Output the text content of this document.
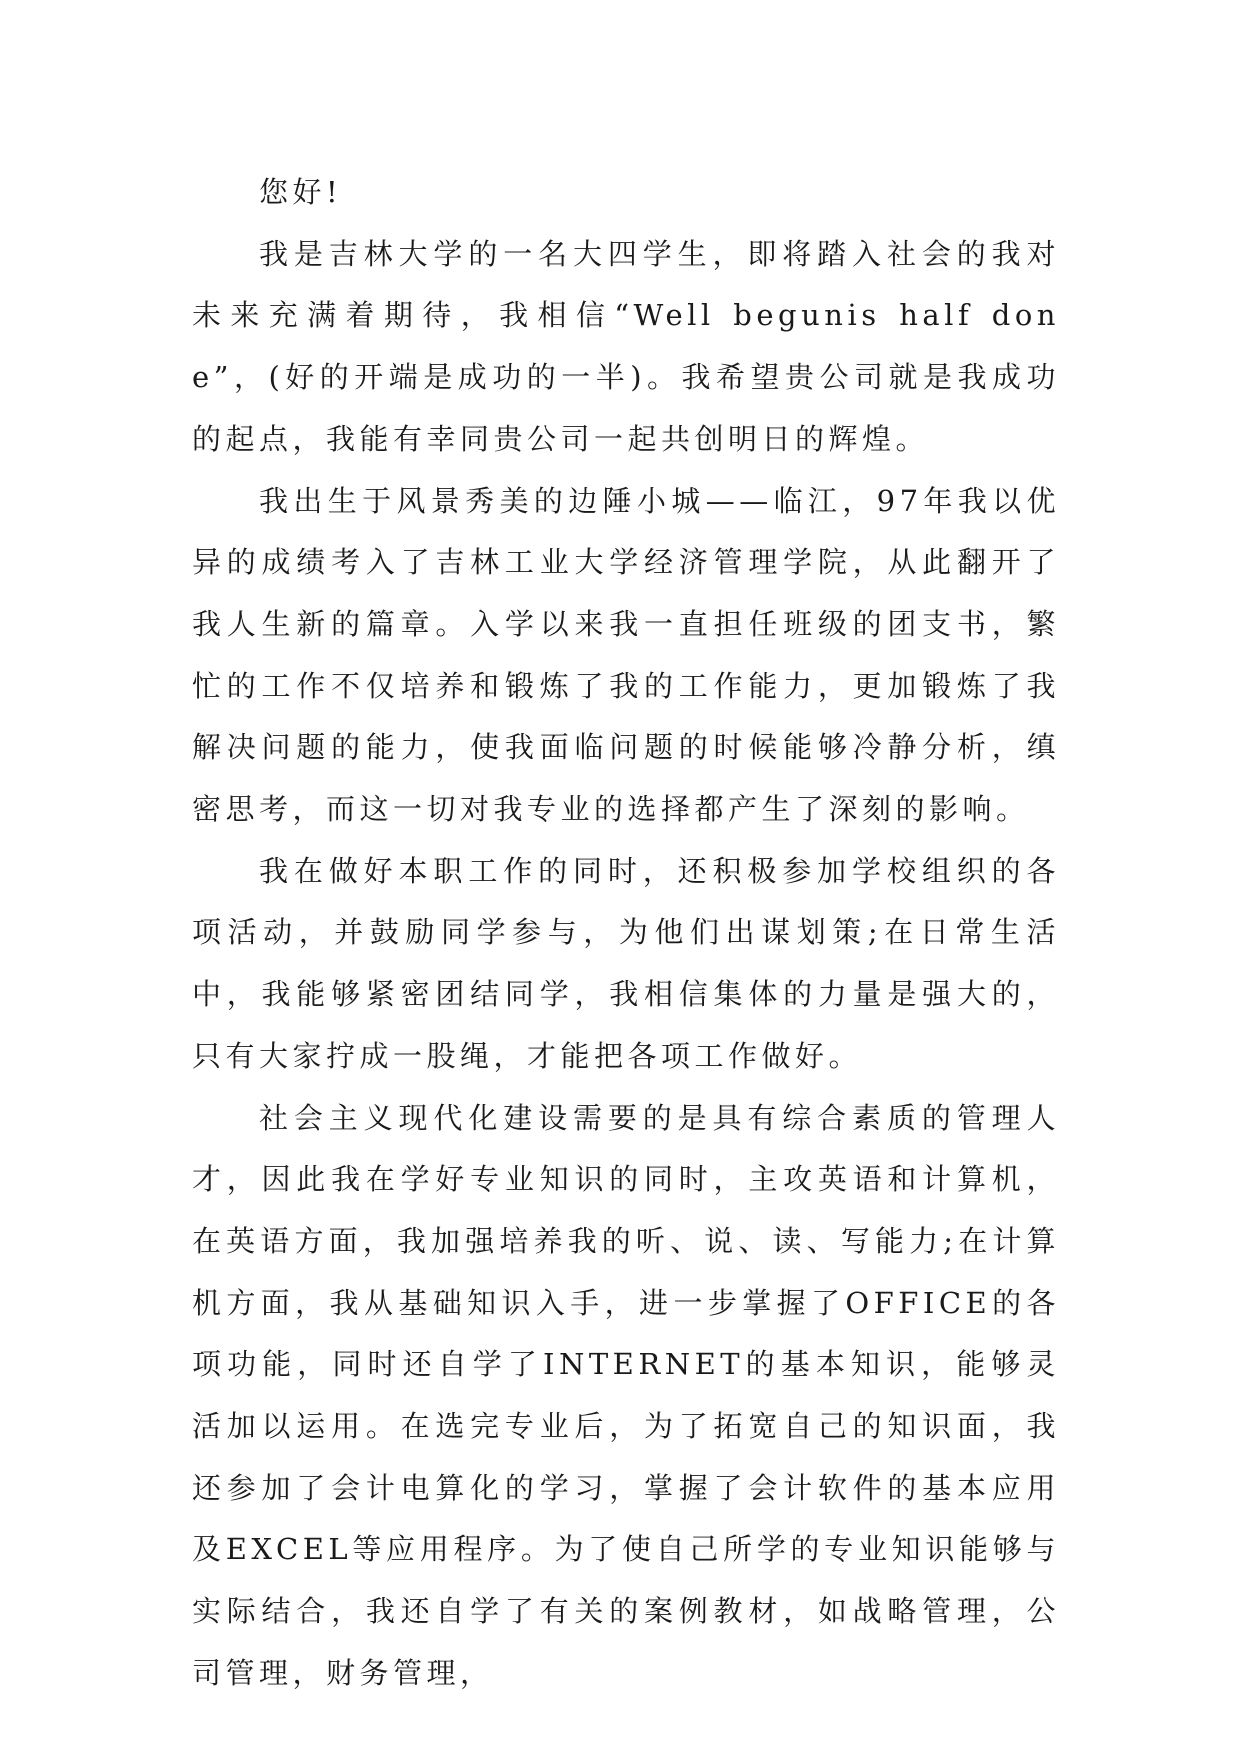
您好!

我是吉林大学的一名大四学生，即将踏入社会的我对未来充满着期待，我相信“Well begunis half done”，(好的开端是成功的一半)。我希望贵公司就是我成功的起点，我能有幸同贵公司一起共创明日的辉煌。

我出生于风景秀美的边陲小城——临江，97年我以优异的成绩考入了吉林工业大学经济管理学院，从此翻开了我人生新的篇章。入学以来我一直担任班级的团支书，繁忙的工作不仅培养和锻炼了我的工作能力，更加锻炼了我解决问题的能力，使我面临问题的时候能够冷静分析，缜密思考，而这一切对我专业的选择都产生了深刻的影响。

我在做好本职工作的同时，还积极参加学校组织的各项活动，并鼓励同学参与，为他们出谋划策;在日常生活中，我能够紧密团结同学，我相信集体的力量是强大的，只有大家拧成一股绳，才能把各项工作做好。

社会主义现代化建设需要的是具有综合素质的管理人才，因此我在学好专业知识的同时，主攻英语和计算机，在英语方面，我加强培养我的听、说、读、写能力;在计算机方面，我从基础知识入手，进一步掌握了OFFICE的各项功能，同时还自学了INTERNET的基本知识，能够灵活加以运用。在选完专业后，为了拓宽自己的知识面，我还参加了会计电算化的学习，掌握了会计软件的基本应用及EXCEL等应用程序。为了使自己所学的专业知识能够与实际结合，我还自学了有关的案例教材，如战略管理，公司管理，财务管理，
